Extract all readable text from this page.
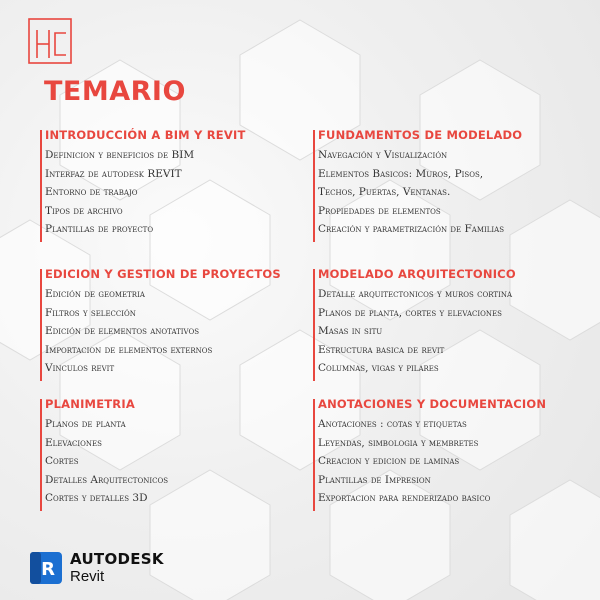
TEMARIO
INTRODUCCIÓN A BIM Y REVIT
Definicion y beneficios de BIM
Interfaz de autodesk REVIT
Entorno de trabajo
Tipos de archivo
Plantillas de proyecto
FUNDAMENTOS DE MODELADO
Navegación y Visualización
Elementos Basicos: Muros, Pisos,
Techos, Puertas, Ventanas.
Propiedades de elementos
Creación y parametrización de Familias
EDICION Y GESTION DE PROYECTOS
Edición de geometria
Filtros y selección
Edición de elementos anotativos
Importacion de elementos externos
Vinculos revit
MODELADO ARQUITECTONICO
Detalle arquitectonicos y muros cortina
Planos de planta, cortes y elevaciones
Masas in situ
Estructura basica de revit
Columnas, vigas y pilares
PLANIMETRIA
Planos de planta
Elevaciones
Cortes
Detalles Arquitectonicos
Cortes y detalles 3D
ANOTACIONES Y DOCUMENTACION
Anotaciones : cotas y etiquetas
Leyendas, simbologia y membretes
Creacion y edicion de laminas
Plantillas de Impresion
Exportacion para renderizado basico
R AUTODESK
Revit
